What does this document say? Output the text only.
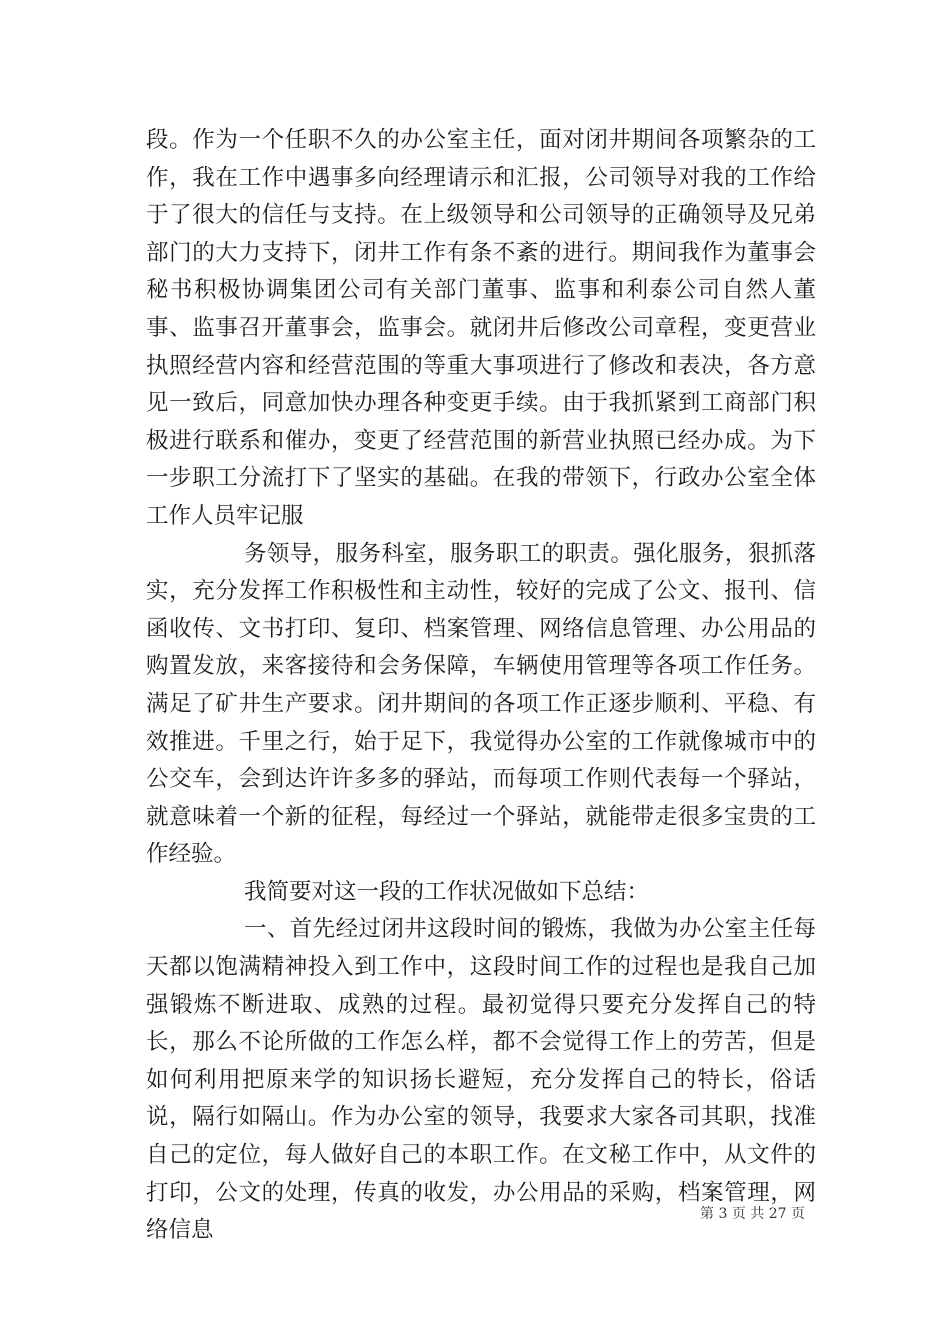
段。作为一个任职不久的办公室主任，面对闭井期间各项繁杂的工作，我在工作中遇事多向经理请示和汇报，公司领导对我的工作给于了很大的信任与支持。在上级领导和公司领导的正确领导及兄弟部门的大力支持下，闭井工作有条不紊的进行。期间我作为董事会秘书积极协调集团公司有关部门董事、监事和利泰公司自然人董事、监事召开董事会，监事会。就闭井后修改公司章程，变更营业执照经营内容和经营范围的等重大事项进行了修改和表决，各方意见一致后，同意加快办理各种变更手续。由于我抓紧到工商部门积极进行联系和催办，变更了经营范围的新营业执照已经办成。为下一步职工分流打下了坚实的基础。在我的带领下，行政办公室全体工作人员牢记服

务领导，服务科室，服务职工的职责。强化服务，狠抓落实，充分发挥工作积极性和主动性，较好的完成了公文、报刊、信函收传、文书打印、复印、档案管理、网络信息管理、办公用品的购置发放，来客接待和会务保障，车辆使用管理等各项工作任务。满足了矿井生产要求。闭井期间的各项工作正逐步顺利、平稳、有效推进。千里之行，始于足下，我觉得办公室的工作就像城市中的公交车，会到达许许多多的驿站，而每项工作则代表每一个驿站，就意味着一个新的征程，每经过一个驿站，就能带走很多宝贵的工作经验。

我简要对这一段的工作状况做如下总结：

一、首先经过闭井这段时间的锻炼，我做为办公室主任每天都以饱满精神投入到工作中，这段时间工作的过程也是我自己加强锻炼不断进取、成熟的过程。最初觉得只要充分发挥自己的特长，那么不论所做的工作怎么样，都不会觉得工作上的劳苦，但是如何利用把原来学的知识扬长避短，充分发挥自己的特长，俗话说，隔行如隔山。作为办公室的领导，我要求大家各司其职，找准自己的定位，每人做好自己的本职工作。在文秘工作中，从文件的打印，公文的处理，传真的收发，办公用品的采购，档案管理，网络信息

第 3 页 共 27 页
